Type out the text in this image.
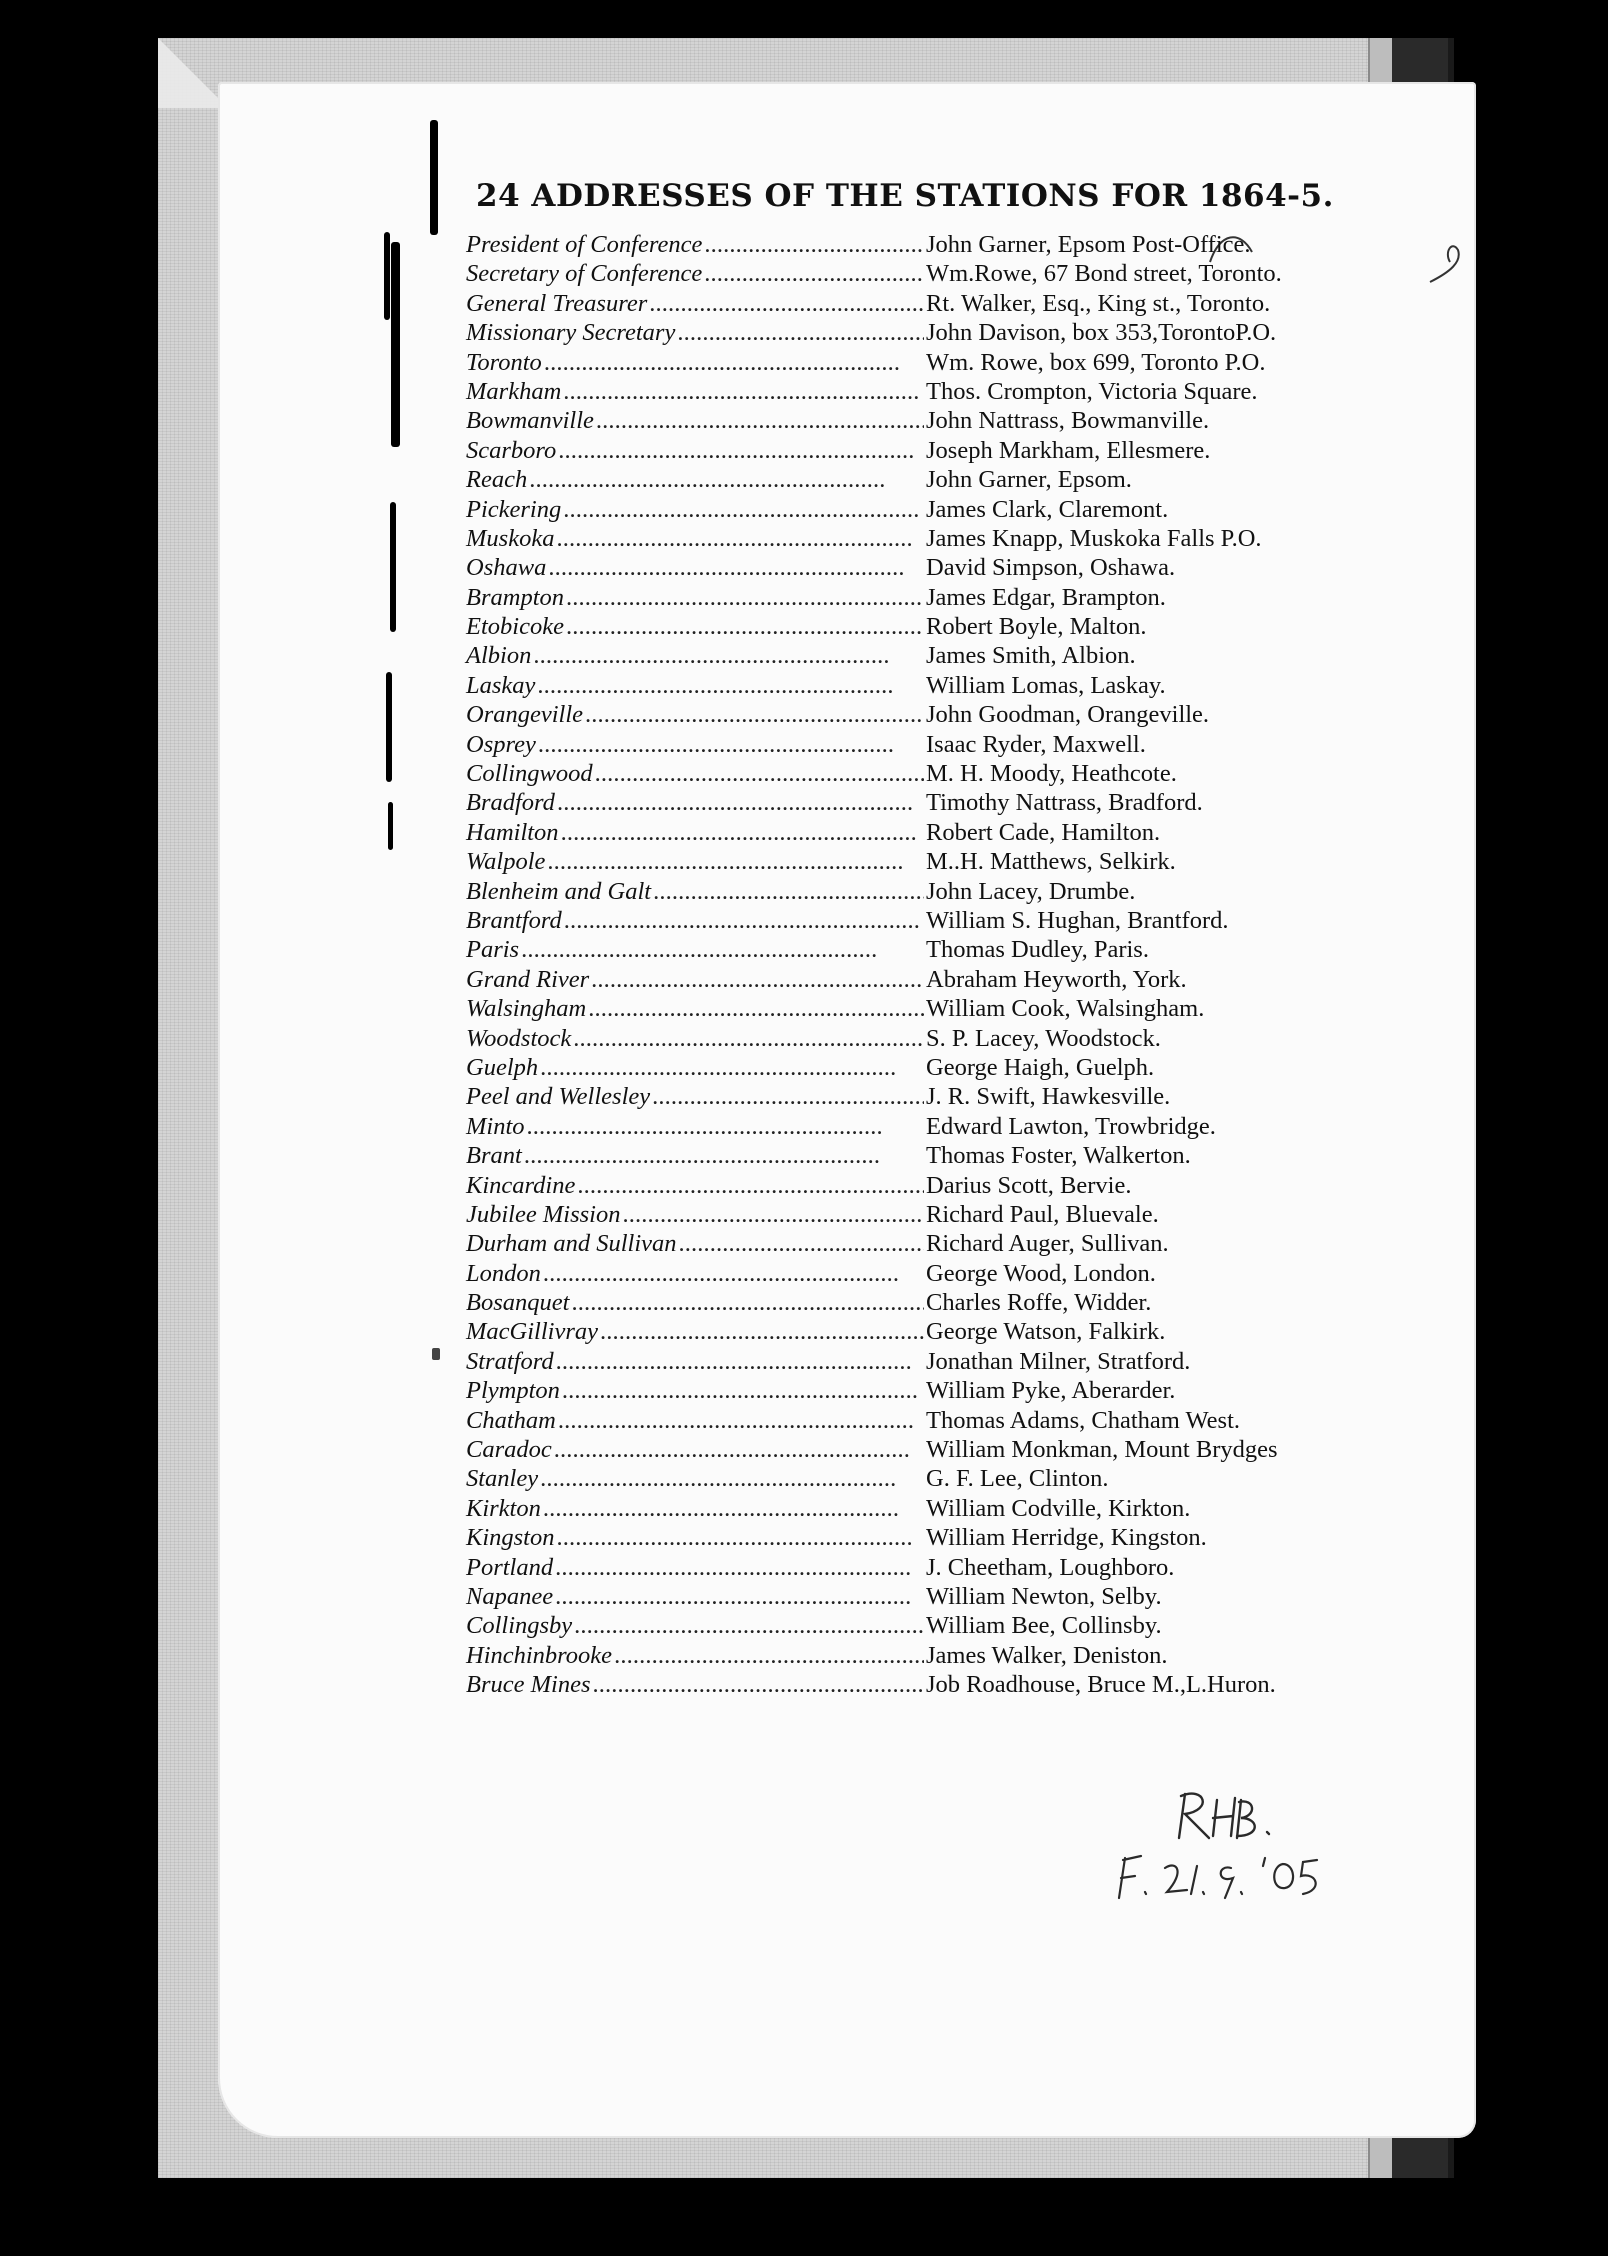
24 ADDRESSES OF THE STATIONS FOR 1864-5.
President of Conference . . .	John Garner, Epsom Post-Office.
Secretary of Conference . . .	Wm.Rowe, 67 Bond street, Toronto.
General Treasurer . . .	Rt. Walker, Esq., King st., Toronto.
Missionary Secretary . . .	John Davison, box 353,TorontoP.O.
Toronto . . .	Wm. Rowe, box 699, Toronto P.O.
Markham . . .	Thos. Crompton, Victoria Square.
Bowmanville . . .	John Nattrass, Bowmanville.
Scarboro . . .	Joseph Markham, Ellesmere.
Reach . . .	John Garner, Epsom.
Pickering . . .	James Clark, Claremont.
Muskoka . . .	James Knapp, Muskoka Falls P.O.
Oshawa . . .	David Simpson, Oshawa.
Brampton . . .	James Edgar, Brampton.
Etobicoke . . .	Robert Boyle, Malton.
Albion . . .	James Smith, Albion.
Laskay . . .	William Lomas, Laskay.
Orangeville . . .	John Goodman, Orangeville.
Osprey . . .	Isaac Ryder, Maxwell.
Collingwood . . .	M. H. Moody, Heathcote.
Bradford . . .	Timothy Nattrass, Bradford.
Hamilton . . .	Robert Cade, Hamilton.
Walpole . . .	M..H. Matthews, Selkirk.
Blenheim and Galt . . .	John Lacey, Drumbe.
Brantford . . .	William S. Hughan, Brantford.
Paris . . .	Thomas Dudley, Paris.
Grand River . . .	Abraham Heyworth, York.
Walsingham . . .	William Cook, Walsingham.
Woodstock . . .	S. P. Lacey, Woodstock.
Guelph . . .	George Haigh, Guelph.
Peel and Wellesley . . .	J. R. Swift, Hawkesville.
Minto . . .	Edward Lawton, Trowbridge.
Brant . . .	Thomas Foster, Walkerton.
Kincardine . . .	Darius Scott, Bervie.
Jubilee Mission . . .	Richard Paul, Bluevale.
Durham and Sullivan . . .	Richard Auger, Sullivan.
London . . .	George Wood, London.
Bosanquet . . .	Charles Roffe, Widder.
MacGillivray . . .	George Watson, Falkirk.
Stratford . . .	Jonathan Milner, Stratford.
Plympton . . .	William Pyke, Aberarder.
Chatham . . .	Thomas Adams, Chatham West.
Caradoc . . .	William Monkman, Mount Brydges
Stanley . . .	G. F. Lee, Clinton.
Kirkton . . .	William Codville, Kirkton.
Kingston . . .	William Herridge, Kingston.
Portland . . .	J. Cheetham, Loughboro.
Napanee . . .	William Newton, Selby.
Collingsby . . .	William Bee, Collinsby.
Hinchinbrooke . . .	James Walker, Deniston.
Bruce Mines . . .	Job Roadhouse, Bruce M.,L.Huron.
